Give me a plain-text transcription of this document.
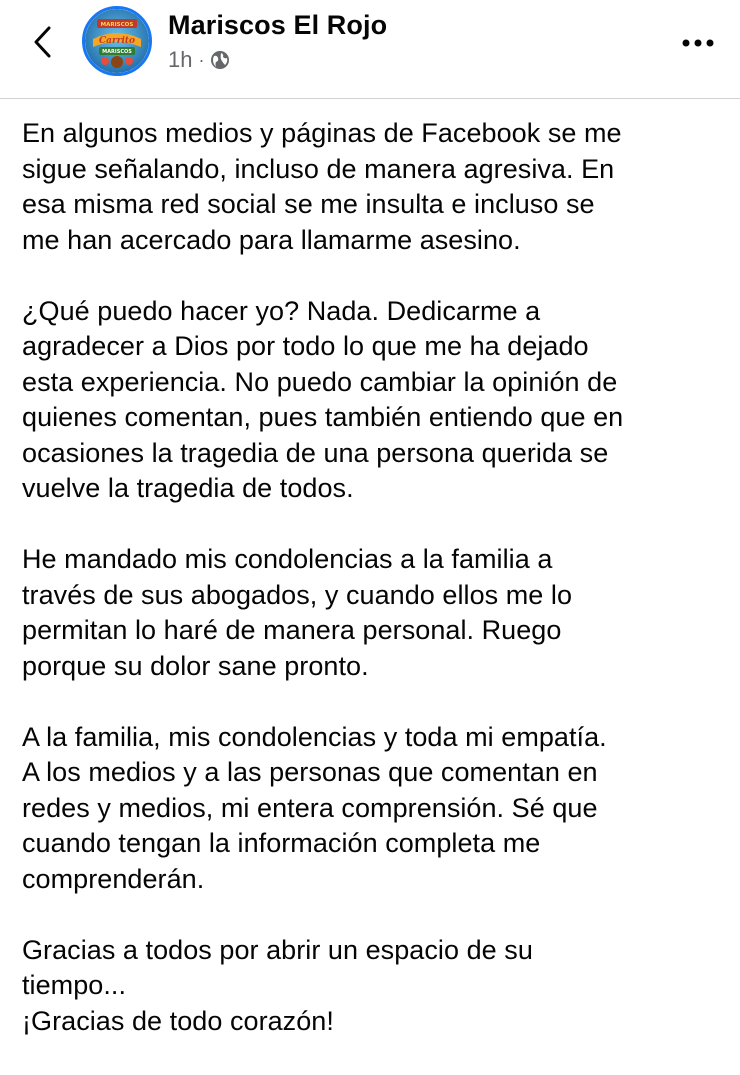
MARISCOS
Carrito
MARISCOS
Mariscos El Rojo
1h ·

En algunos medios y páginas de Facebook se me
sigue señalando, incluso de manera agresiva. En
esa misma red social se me insulta e incluso se
me han acercado para llamarme asesino.

¿Qué puedo hacer yo? Nada. Dedicarme a
agradecer a Dios por todo lo que me ha dejado
esta experiencia. No puedo cambiar la opinión de
quienes comentan, pues también entiendo que en
ocasiones la tragedia de una persona querida se
vuelve la tragedia de todos.

He mandado mis condolencias a la familia a
través de sus abogados, y cuando ellos me lo
permitan lo haré de manera personal. Ruego
porque su dolor sane pronto.

A la familia, mis condolencias y toda mi empatía.
A los medios y a las personas que comentan en
redes y medios, mi entera comprensión. Sé que
cuando tengan la información completa me
comprenderán.

Gracias a todos por abrir un espacio de su
tiempo...
¡Gracias de todo corazón!
